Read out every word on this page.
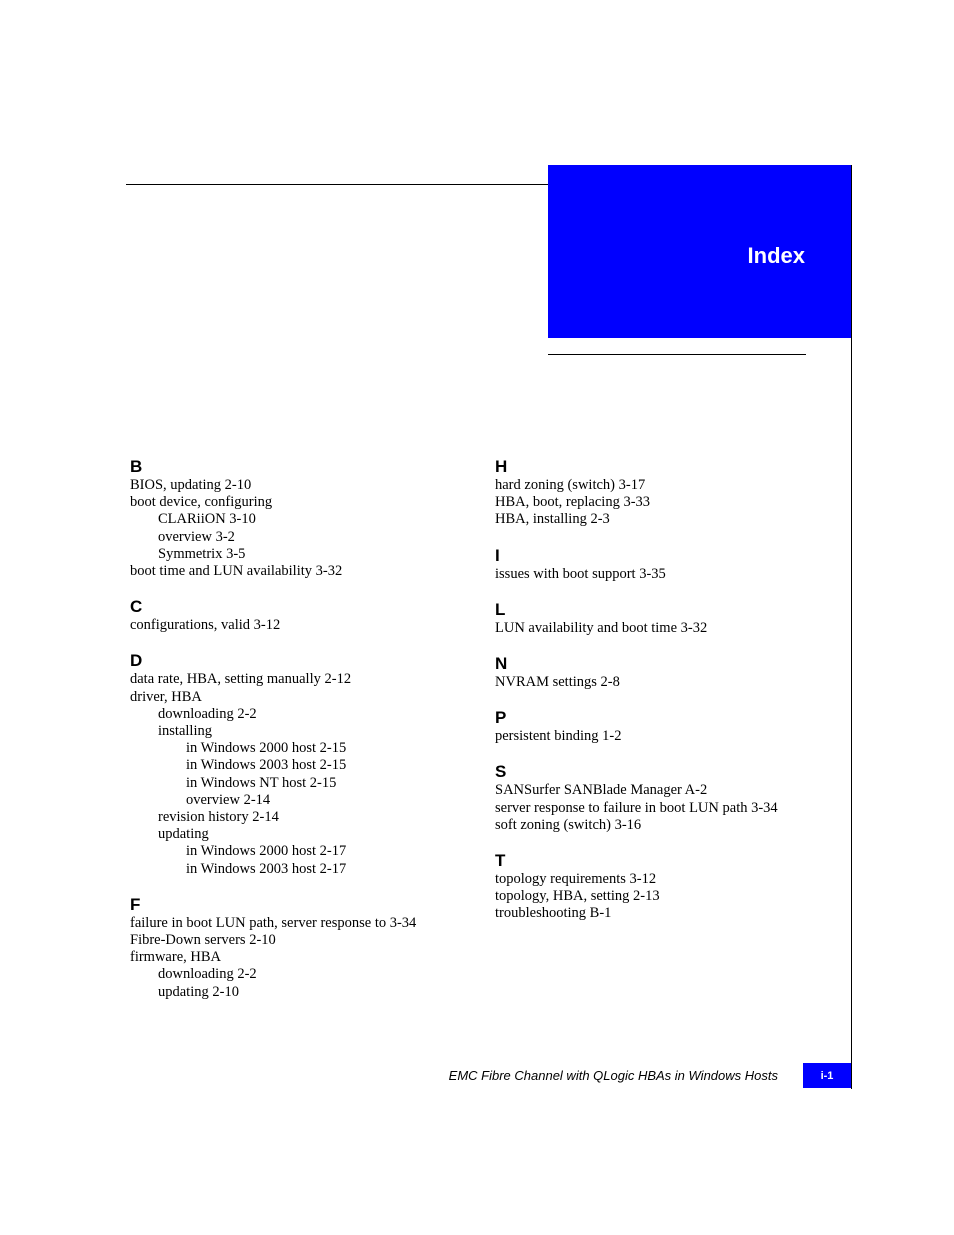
Index
B
BIOS, updating 2-10
boot device, configuring
CLARiiON 3-10
overview 3-2
Symmetrix 3-5
boot time and LUN availability 3-32
C
configurations, valid 3-12
D
data rate, HBA, setting manually 2-12
driver, HBA
downloading 2-2
installing
in Windows 2000 host 2-15
in Windows 2003 host 2-15
in Windows NT host 2-15
overview 2-14
revision history 2-14
updating
in Windows 2000 host 2-17
in Windows 2003 host 2-17
F
failure in boot LUN path, server response to 3-34
Fibre-Down servers 2-10
firmware, HBA
downloading 2-2
updating 2-10
H
hard zoning (switch) 3-17
HBA, boot, replacing 3-33
HBA, installing 2-3
I
issues with boot support 3-35
L
LUN availability and boot time 3-32
N
NVRAM settings 2-8
P
persistent binding 1-2
S
SANSurfer SANBlade Manager A-2
server response to failure in boot LUN path 3-34
soft zoning (switch) 3-16
T
topology requirements 3-12
topology, HBA, setting 2-13
troubleshooting B-1
EMC Fibre Channel with QLogic HBAs in Windows Hosts	i-1
